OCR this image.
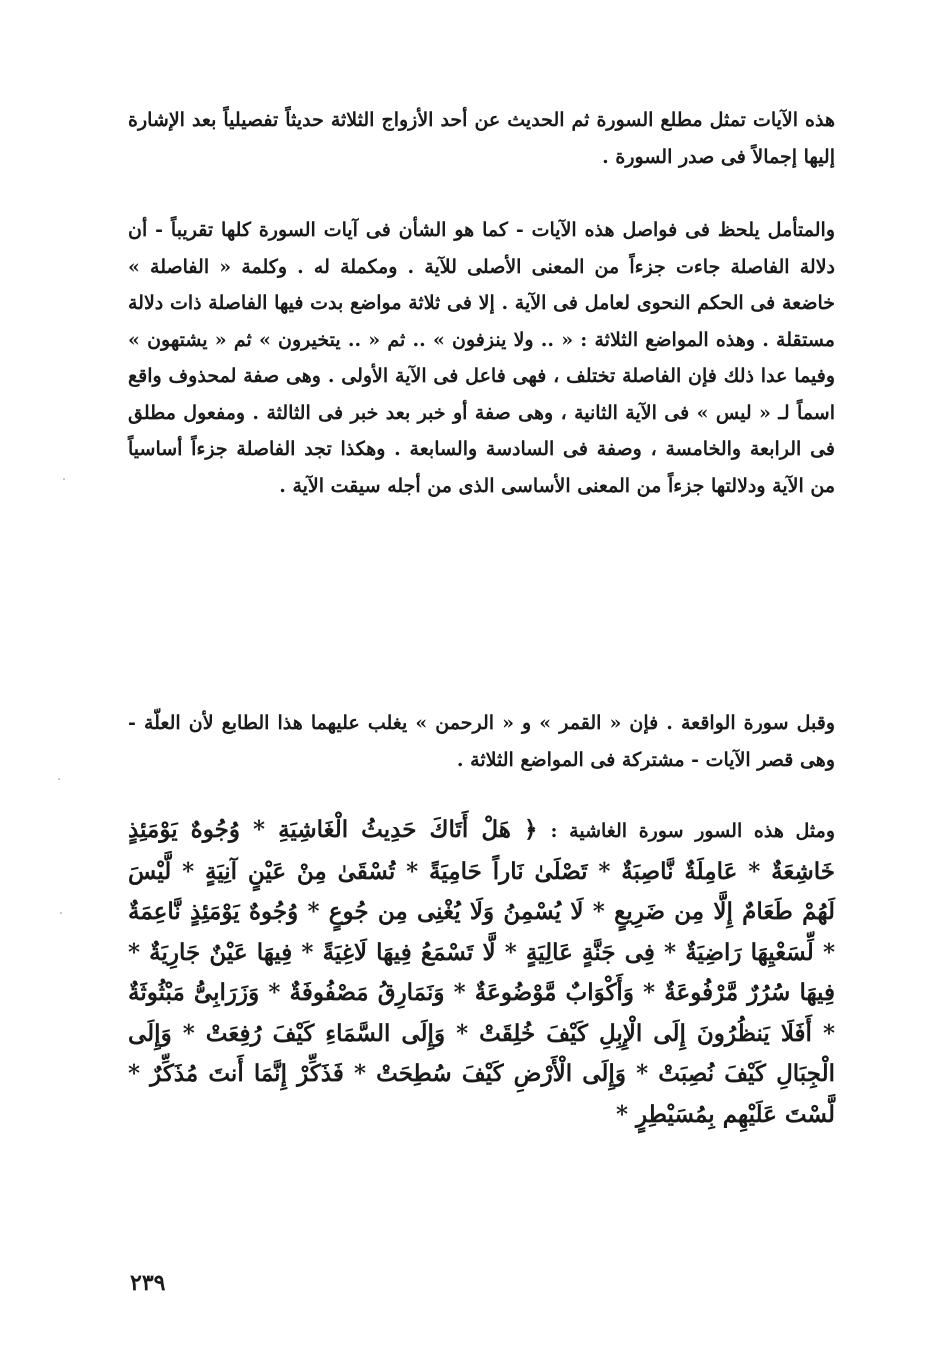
هذه الآيات تمثل مطلع السورة ثم الحديث عن أحد الأزواج الثلاثة حديثاً تفصيلياً بعد الإشارة إليها إجمالاً فى صدر السورة .

والمتأمل يلحظ فى فواصل هذه الآيات - كما هو الشأن فى آيات السورة كلها تقريباً - أن دلالة الفاصلة جاءت جزءاً من المعنى الأصلى للآية . ومكملة له . وكلمة « الفاصلة » خاضعة فى الحكم النحوى لعامل فى الآية . إلا فى ثلاثة مواضع بدت فيها الفاصلة ذات دلالة مستقلة . وهذه المواضع الثلاثة : « .. ولا ينزفون » .. ثم « .. يتخيرون » ثم « يشتهون » وفيما عدا ذلك فإن الفاصلة تختلف ، فهى فاعل فى الآية الأولى . وهى صفة لمحذوف واقع اسماً لـ « ليس » فى الآية الثانية ، وهى صفة أو خبر بعد خبر فى الثالثة . ومفعول مطلق فى الرابعة والخامسة ، وصفة فى السادسة والسابعة . وهكذا تجد الفاصلة جزءاً أساسياً من الآية ودلالتها جزءاً من المعنى الأساسى الذى من أجله سيقت الآية .

وقبل سورة الواقعة . فإن « القمر » و « الرحمن » يغلب عليهما هذا الطابع لأن العلّة - وهى قصر الآيات - مشتركة فى المواضع الثلاثة .

ومثل هذه السور سورة الغاشية : ﴿ هَلْ أَتَاكَ حَدِيثُ الْغَاشِيَةِ * وُجُوهٌ يَوْمَئِذٍ خَاشِعَةٌ * عَامِلَةٌ نَّاصِبَةٌ * تَصْلَىٰ نَاراً حَامِيَةً * تُسْقَىٰ مِنْ عَيْنٍ آنِيَةٍ * لَّيْسَ لَهُمْ طَعَامٌ إِلَّا مِن ضَرِيعٍ * لَا يُسْمِنُ وَلَا يُغْنِى مِن جُوعٍ * وُجُوهٌ يَوْمَئِذٍ نَّاعِمَةٌ * لِّسَعْيِهَا رَاضِيَةٌ * فِى جَنَّةٍ عَالِيَةٍ * لَّا تَسْمَعُ فِيهَا لَاغِيَةً * فِيهَا عَيْنٌ جَارِيَةٌ * فِيهَا سُرُرٌ مَّرْفُوعَةٌ * وَأَكْوَابٌ مَّوْضُوعَةٌ * وَنَمَارِقُ مَصْفُوفَةٌ * وَزَرَابِىُّ مَبْثُوثَةٌ * أَفَلَا يَنظُرُونَ إِلَى الْإِبِلِ كَيْفَ خُلِقَتْ * وَإِلَى السَّمَاءِ كَيْفَ رُفِعَتْ * وَإِلَى الْجِبَالِ كَيْفَ نُصِبَتْ * وَإِلَى الْأَرْضِ كَيْفَ سُطِحَتْ * فَذَكِّرْ إِنَّمَا أَنتَ مُذَكِّرٌ * لَّسْتَ عَلَيْهِم بِمُسَيْطِرٍ *

٢٣٩
